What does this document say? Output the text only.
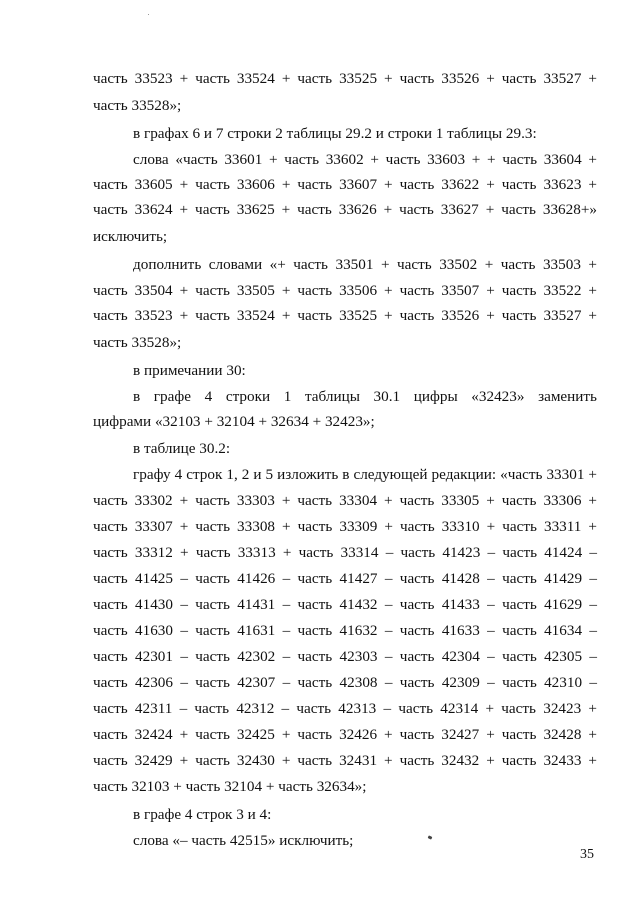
часть 33523 + часть 33524 + часть 33525 + часть 33526 + часть 33527 +
часть 33528»;
в графах 6 и 7 строки 2 таблицы 29.2 и строки 1 таблицы 29.3:
слова «часть 33601 + часть 33602 + часть 33603 + + часть 33604 +
часть 33605 + часть 33606 + часть 33607 + часть 33622 + часть 33623 +
часть 33624 + часть 33625 + часть 33626 + часть 33627 + часть 33628+»
исключить;
дополнить словами «+ часть 33501 + часть 33502 + часть 33503 +
часть 33504 + часть 33505 + часть 33506 + часть 33507 + часть 33522 +
часть 33523 + часть 33524 + часть 33525 + часть 33526 + часть 33527 +
часть 33528»;
в примечании 30:
в графе 4 строки 1 таблицы 30.1 цифры «32423» заменить
цифрами «32103 + 32104 + 32634 + 32423»;
в таблице 30.2:
графу 4 строк 1, 2 и 5 изложить в следующей редакции: «часть 33301 +
часть 33302 + часть 33303 + часть 33304 + часть 33305 + часть 33306 +
часть 33307 + часть 33308 + часть 33309 + часть 33310 + часть 33311 +
часть 33312 + часть 33313 + часть 33314 – часть 41423 – часть 41424 –
часть 41425 – часть 41426 – часть 41427 – часть 41428 – часть 41429 –
часть 41430 – часть 41431 – часть 41432 – часть 41433 – часть 41629 –
часть 41630 – часть 41631 – часть 41632 – часть 41633 – часть 41634 –
часть 42301 – часть 42302 – часть 42303 – часть 42304 – часть 42305 –
часть 42306 – часть 42307 – часть 42308 – часть 42309 – часть 42310 –
часть 42311 – часть 42312 – часть 42313 – часть 42314 + часть 32423 +
часть 32424 + часть 32425 + часть 32426 + часть 32427 + часть 32428 +
часть 32429 + часть 32430 + часть 32431 + часть 32432 + часть 32433 +
часть 32103 + часть 32104 + часть 32634»;
в графе 4 строк 3 и 4:
слова «– часть 42515» исключить;
35
